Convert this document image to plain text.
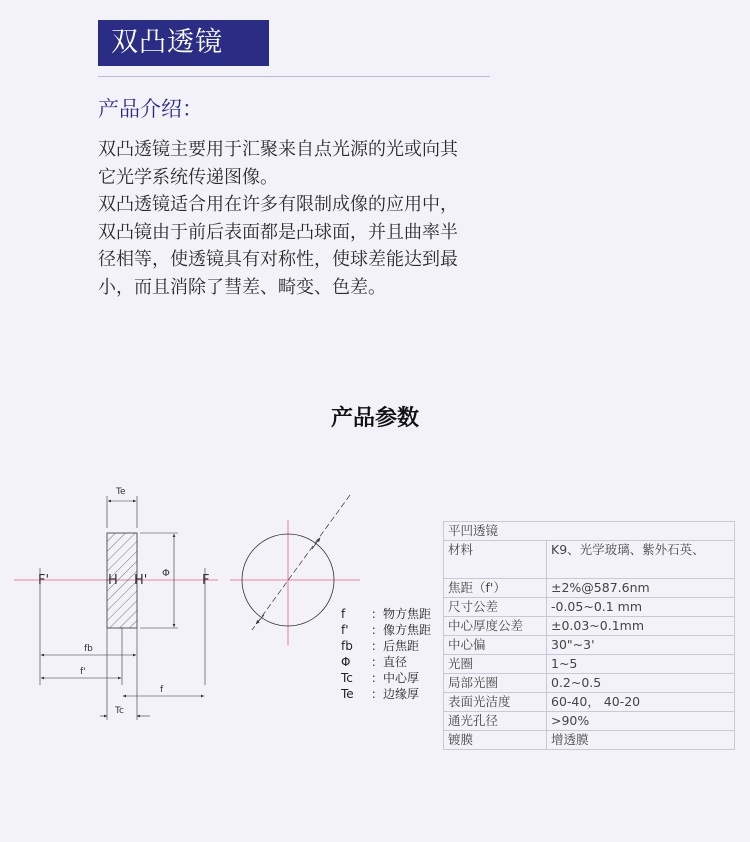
双凸透镜
产品介绍：

双凸透镜主要用于汇聚来自点光源的光或向其它光学系统传递图像。

双凸透镜适合用在许多有限制成像的应用中，双凸镜由于前后表面都是凸球面，并且曲率半径相等，使透镜具有对称性，使球差能达到最小，而且消除了彗差、畸变、色差。

产品参数
Te
Φ
F'	H H'	F
fb
f'
f
Tc
f	：物方焦距
f'	：像方焦距
fb	：后焦距
Φ	：直径
Tc	：中心厚
Te	：边缘厚
平凹透镜	
材料	K9、光学玻璃、紫外石英、
焦距（f'）	±2%@587.6nm
尺寸公差	-0.05~0.1 mm
中心厚度公差	±0.03~0.1mm
中心偏	30"~3'
光圈	1~5
局部光圈	0.2~0.5
表面光洁度	60-40， 40-20
通光孔径	>90%
镀膜	增透膜
